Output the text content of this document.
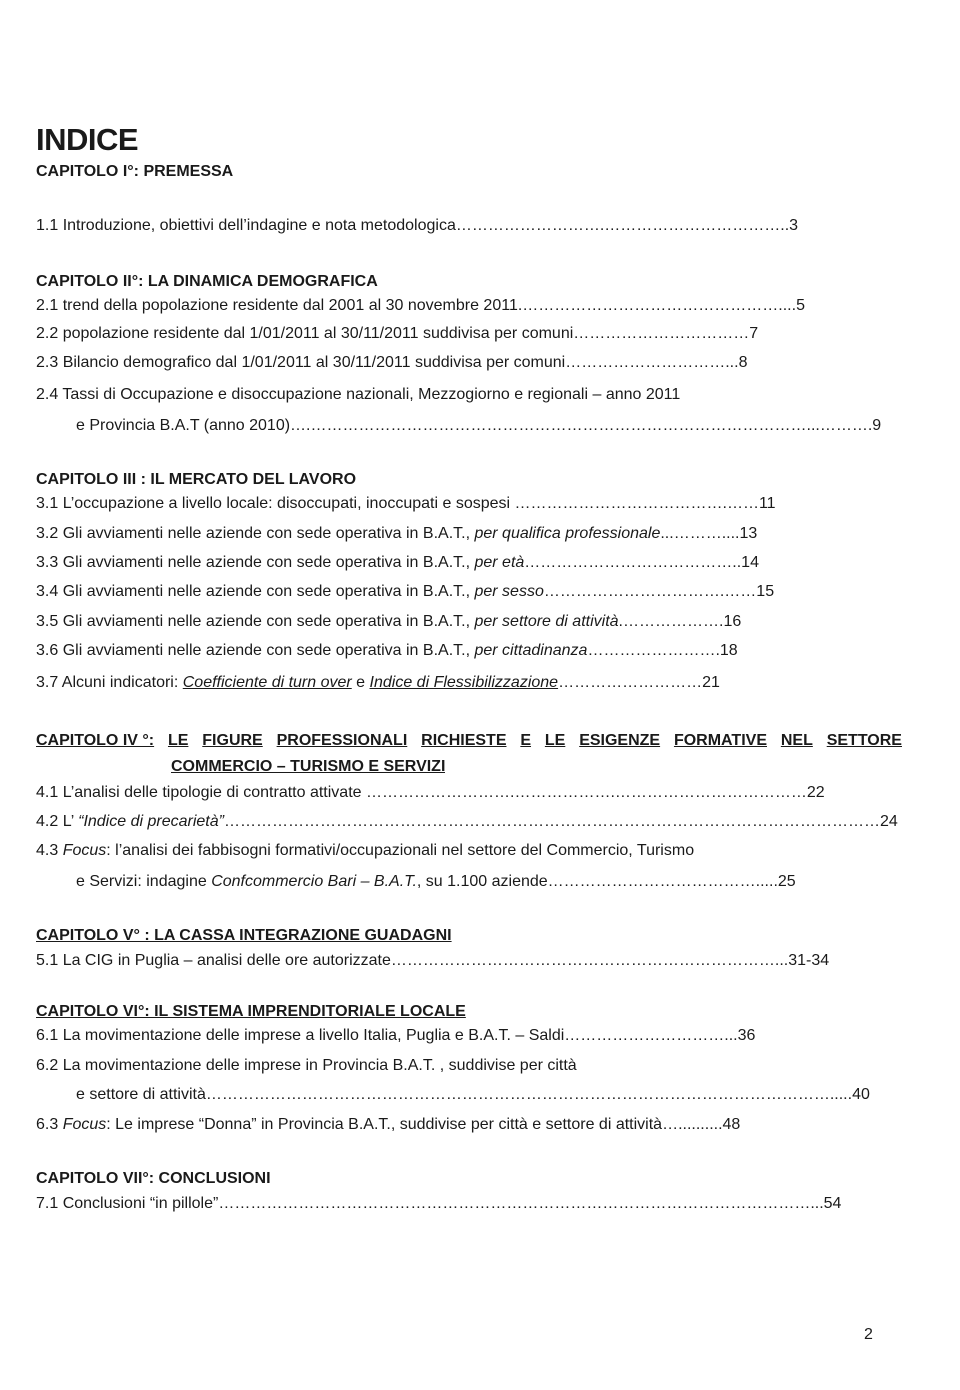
INDICE
CAPITOLO I°: PREMESSA
1.1 Introduzione, obiettivi dell’indagine e nota metodologica……………………….……………………………..3
CAPITOLO II°: LA DINAMICA DEMOGRAFICA
2.1 trend della popolazione residente dal 2001 al 30 novembre 2011.…………………………………………....5
2.2 popolazione residente dal 1/01/2011 al 30/11/2011 suddivisa per comuni……………………………7
2.3 Bilancio demografico dal 1/01/2011 al 30/11/2011 suddivisa per comuni…………………………...8
2.4 Tassi di Occupazione e disoccupazione nazionali, Mezzogiorno e regionali – anno 2011
e Provincia B.A.T (anno 2010)….…………………………………………………………………………………...……….9
CAPITOLO III : IL MERCATO DEL LAVORO
3.1 L’occupazione a livello locale: disoccupati, inoccupati e sospesi ………………………………….……11
3.2 Gli avviamenti nelle aziende con sede operativa in B.A.T., per qualifica professionale...………....13
3.3 Gli avviamenti nelle aziende con sede operativa in B.A.T., per età…………………………………..14
3.4 Gli avviamenti nelle aziende con sede operativa in B.A.T., per sesso…………………………….……15
3.5 Gli avviamenti nelle aziende con sede operativa in B.A.T., per settore di attività.……………….16
3.6 Gli avviamenti nelle aziende con sede operativa in B.A.T., per cittadinanza…………………….18
3.7 Alcuni indicatori: Coefficiente di turn over e Indice di Flessibilizzazione………………………21
CAPITOLO IV °: LE FIGURE PROFESSIONALI RICHIESTE E LE ESIGENZE FORMATIVE NEL SETTORE
COMMERCIO – TURISMO E SERVIZI
4.1 L’analisi delle tipologie di contratto attivate ……………………….……………….………………………………22
4.2 L’ “Indice di precarietà”……………………………………………………………………………………………………………24
4.3 Focus: l’analisi dei fabbisogni formativi/occupazionali nel settore del Commercio, Turismo
e Servizi: indagine Confcommercio Bari – B.A.T., su 1.100 aziende………………………………….....25
CAPITOLO V° : LA CASSA INTEGRAZIONE GUADAGNI
5.1 La CIG in Puglia – analisi delle ore autorizzate………………………………………………………………...31-34
CAPITOLO VI°: IL SISTEMA IMPRENDITORIALE LOCALE
6.1 La movimentazione delle imprese a livello Italia, Puglia e B.A.T. – Saldi…………………………...36
6.2 La movimentazione delle imprese in Provincia B.A.T. , suddivise per città
e settore di attività……………………………………………………………………………………………………….....40
6.3 Focus: Le imprese “Donna” in Provincia B.A.T., suddivise per città e settore di attività…..........48
CAPITOLO VII°: CONCLUSIONI
7.1 Conclusioni “in pillole”…………………………………………………………………………………………………...54
2
